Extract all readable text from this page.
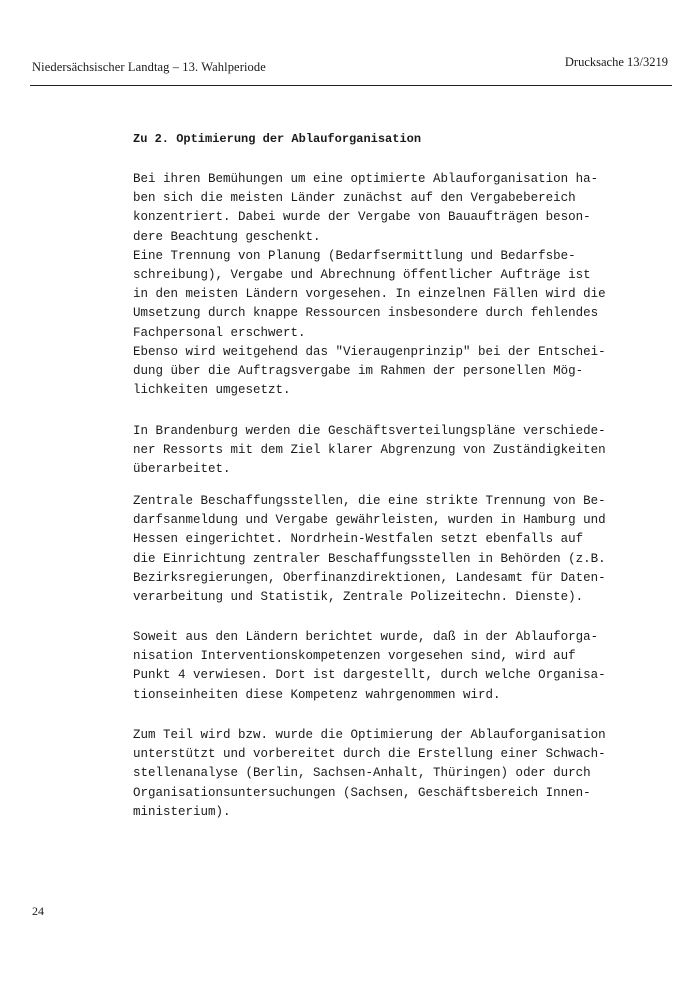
Niedersächsischer Landtag – 13. Wahlperiode	Drucksache 13/3219
Zu 2. Optimierung der Ablauforganisation
Bei ihren Bemühungen um eine optimierte Ablauforganisation ha-
ben sich die meisten Länder zunächst auf den Vergabebereich
konzentriert. Dabei wurde der Vergabe von Bauaufträgen beson-
dere Beachtung geschenkt.
Eine Trennung von Planung (Bedarfsermittlung und Bedarfsbe-
schreibung), Vergabe und Abrechnung öffentlicher Aufträge ist
in den meisten Ländern vorgesehen. In einzelnen Fällen wird die
Umsetzung durch knappe Ressourcen insbesondere durch fehlendes
Fachpersonal erschwert.
Ebenso wird weitgehend das "Vieraugenprinzip" bei der Entschei-
dung über die Auftragsvergabe im Rahmen der personellen Mög-
lichkeiten umgesetzt.
In Brandenburg werden die Geschäftsverteilungspläne verschiede-
ner Ressorts mit dem Ziel klarer Abgrenzung von Zuständigkeiten
überarbeitet.
Zentrale Beschaffungsstellen, die eine strikte Trennung von Be-
darfsanmeldung und Vergabe gewährleisten, wurden in Hamburg und
Hessen eingerichtet. Nordrhein-Westfalen setzt ebenfalls auf
die Einrichtung zentraler Beschaffungsstellen in Behörden (z.B.
Bezirksregierungen, Oberfinanzdirektionen, Landesamt für Daten-
verarbeitung und Statistik, Zentrale Polizeitechn. Dienste).
Soweit aus den Ländern berichtet wurde, daß in der Ablauforga-
nisation Interventionskompetenzen vorgesehen sind, wird auf
Punkt 4 verwiesen. Dort ist dargestellt, durch welche Organisa-
tionseinheiten diese Kompetenz wahrgenommen wird.
Zum Teil wird bzw. wurde die Optimierung der Ablauforganisation
unterstützt und vorbereitet durch die Erstellung einer Schwach-
stellenanalyse (Berlin, Sachsen-Anhalt, Thüringen) oder durch
Organisationsuntersuchungen (Sachsen, Geschäftsbereich Innen-
ministerium).
24
